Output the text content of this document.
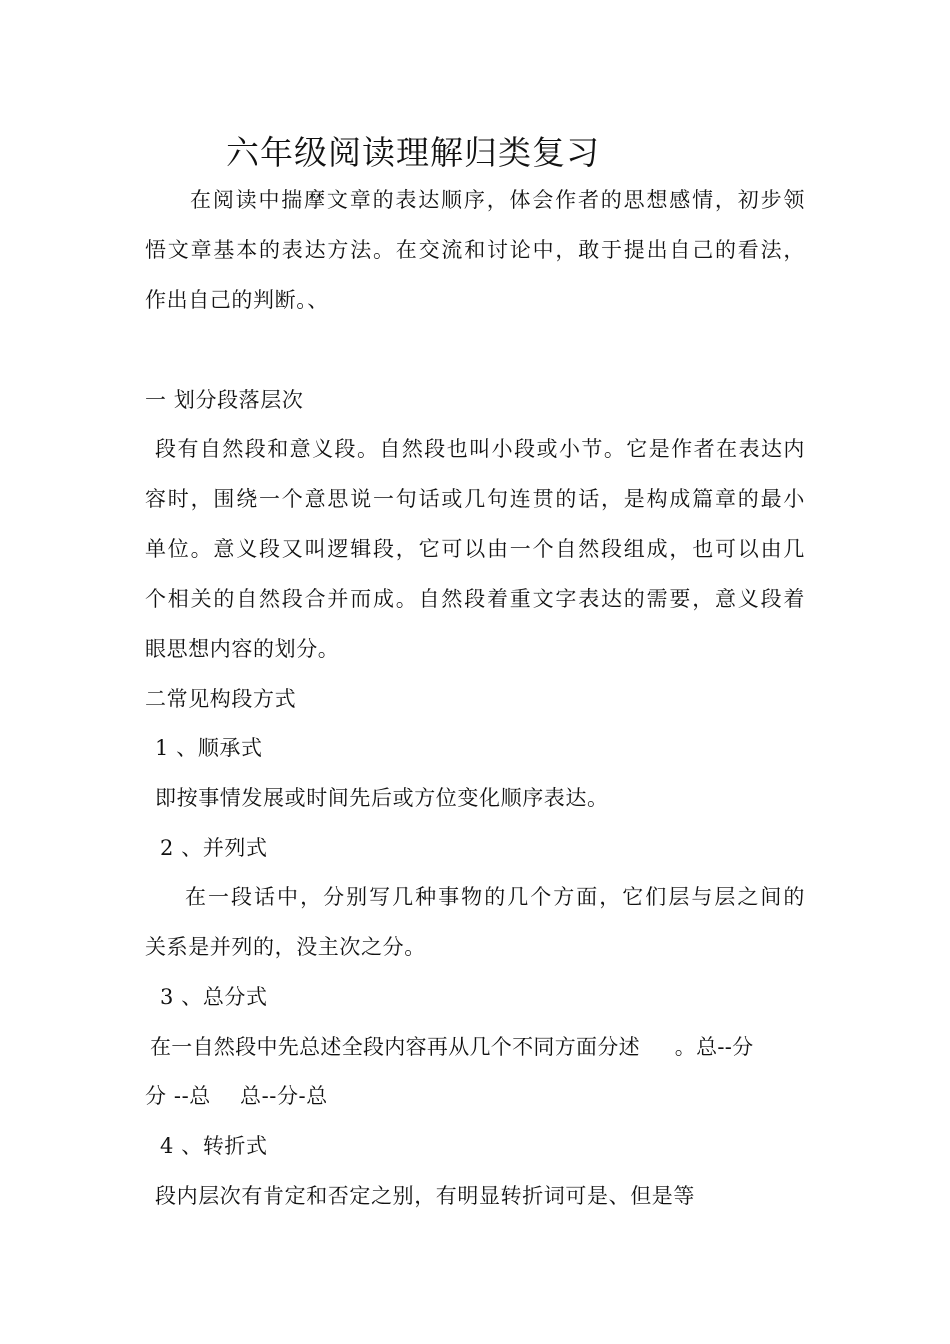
六年级阅读理解归类复习
在阅读中揣摩文章的表达顺序，体会作者的思想感情，初步领
悟文章基本的表达方法。在交流和讨论中，敢于提出自己的看法，
作出自己的判断。、
一 划分段落层次
段有自然段和意义段。自然段也叫小段或小节。它是作者在表达内
容时，围绕一个意思说一句话或几句连贯的话，是构成篇章的最小
单位。意义段又叫逻辑段，它可以由一个自然段组成，也可以由几
个相关的自然段合并而成。自然段着重文字表达的需要，意义段着
眼思想内容的划分。
二常见构段方式
1 、顺承式
即按事情发展或时间先后或方位变化顺序表达。
2 、并列式
在一段话中，分别写几种事物的几个方面，它们层与层之间的
关系是并列的，没主次之分。
3 、总分式
在一自然段中先总述全段内容再从几个不同方面分述     。总--分
分 --总    总--分-总
4 、转折式
段内层次有肯定和否定之别，有明显转折词可是、但是等
